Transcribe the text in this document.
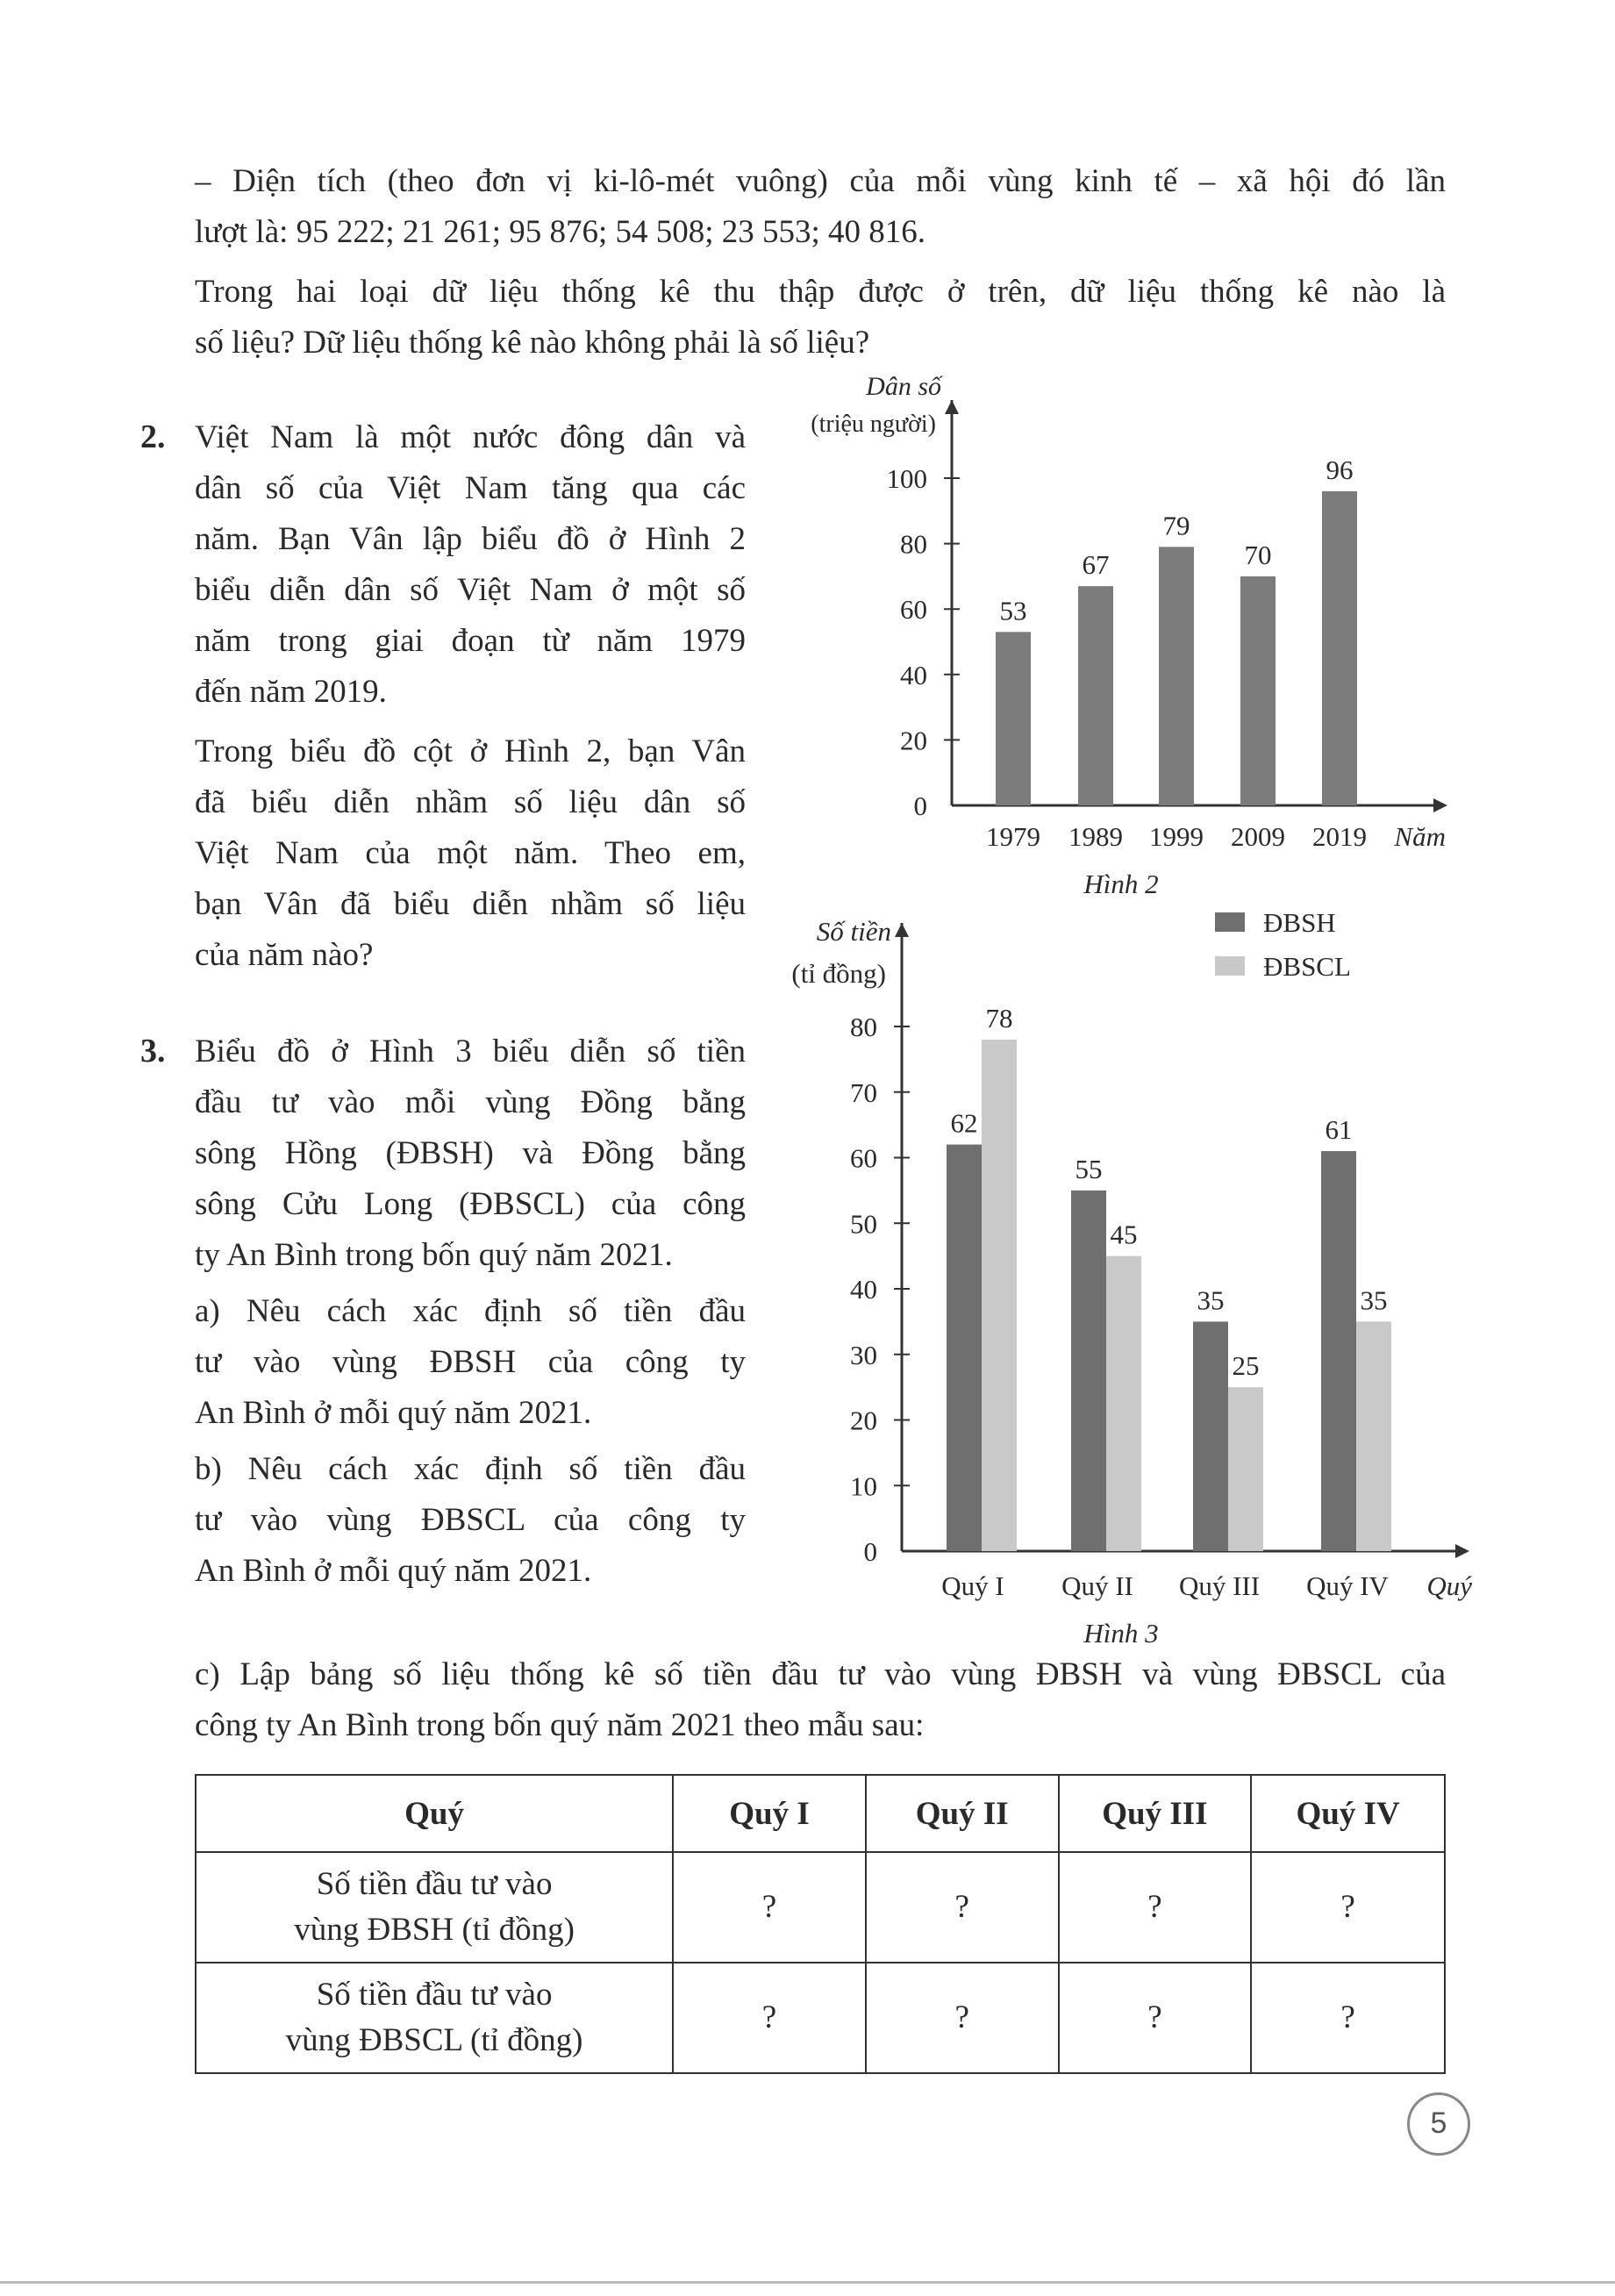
– Diện tích (theo đơn vị ki-lô-mét vuông) của mỗi vùng kinh tế – xã hội đó lần

lượt là: 95 222; 21 261; 95 876; 54 508; 23 553; 40 816.

Trong hai loại dữ liệu thống kê thu thập được ở trên, dữ liệu thống kê nào là

số liệu? Dữ liệu thống kê nào không phải là số liệu?

2. Việt Nam là một nước đông dân và

dân số của Việt Nam tăng qua các

năm. Bạn Vân lập biểu đồ ở Hình 2

biểu diễn dân số Việt Nam ở một số

năm trong giai đoạn từ năm 1979

đến năm 2019.

Trong biểu đồ cột ở Hình 2, bạn Vân

đã biểu diễn nhầm số liệu dân số

Việt Nam của một năm. Theo em,

bạn Vân đã biểu diễn nhầm số liệu

của năm nào?

3. Biểu đồ ở Hình 3 biểu diễn số tiền

đầu tư vào mỗi vùng Đồng bằng

sông Hồng (ĐBSH) và Đồng bằng

sông Cửu Long (ĐBSCL) của công

ty An Bình trong bốn quý năm 2021.

a) Nêu cách xác định số tiền đầu

tư vào vùng ĐBSH của công ty

An Bình ở mỗi quý năm 2021.

b) Nêu cách xác định số tiền đầu

tư vào vùng ĐBSCL của công ty

An Bình ở mỗi quý năm 2021.

c) Lập bảng số liệu thống kê số tiền đầu tư vào vùng ĐBSH và vùng ĐBSCL của

công ty An Bình trong bốn quý năm 2021 theo mẫu sau:

Dân số
(triệu người)
0
20
40
60
80
100
53
1979
67
1989
79
1999
70
2009
96
2019 Năm
Hình 2
Số tiền
(tỉ đồng)
0
10
20
30
40
50
60
70
80
62
78
Quý I
55
45
Quý II
35
25
Quý III
61
35
Quý IV Quý
Hình 3
ĐBSH
ĐBSCL
Quý	Quý I	Quý II	Quý III	Quý IV

Số tiền đầu tư vào
vùng ĐBSH (tỉ đồng)	?	?	?	?

Số tiền đầu tư vào
vùng ĐBSCL (tỉ đồng)	?	?	?	?
5
